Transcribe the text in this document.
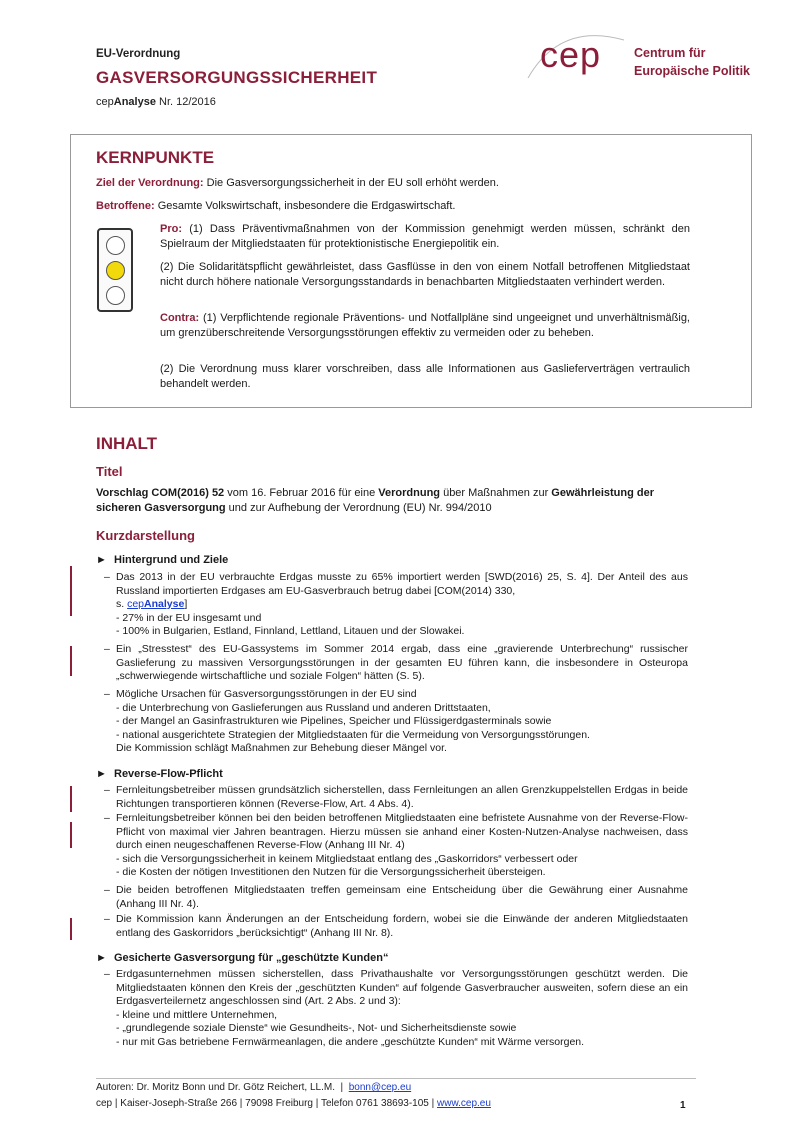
EU-Verordnung
GASVERSORGUNGSSICHERHEIT
cepAnalyse Nr. 12/2016
cep	Centrum für
Europäische Politik
KERNPUNKTE
Ziel der Verordnung: Die Gasversorgungssicherheit in der EU soll erhöht werden.
Betroffene: Gesamte Volkswirtschaft, insbesondere die Erdgaswirtschaft.
Pro: (1) Dass Präventivmaßnahmen von der Kommission genehmigt werden müssen, schränkt den Spielraum der Mitgliedstaaten für protektionistische Energiepolitik ein.
(2) Die Solidaritätspflicht gewährleistet, dass Gasflüsse in den von einem Notfall betroffenen Mitgliedstaat nicht durch höhere nationale Versorgungsstandards in benachbarten Mitgliedstaaten verhindert werden.
Contra: (1) Verpflichtende regionale Präventions- und Notfallpläne sind ungeeignet und unverhältnismäßig, um grenzüberschreitende Versorgungsstörungen effektiv zu vermeiden oder zu beheben.
(2) Die Verordnung muss klarer vorschreiben, dass alle Informationen aus Gaslieferverträgen vertraulich behandelt werden.
INHALT
Titel
Vorschlag COM(2016) 52 vom 16. Februar 2016 für eine Verordnung über Maßnahmen zur Gewährleistung der sicheren Gasversorgung und zur Aufhebung der Verordnung (EU) Nr. 994/2010
Kurzdarstellung
► Hintergrund und Ziele
– Das 2013 in der EU verbrauchte Erdgas musste zu 65% importiert werden [SWD(2016) 25, S. 4]. Der Anteil des aus Russland importierten Erdgases am EU-Gasverbrauch betrug dabei [COM(2014) 330,
s. cepAnalyse]
- 27% in der EU insgesamt und
- 100% in Bulgarien, Estland, Finnland, Lettland, Litauen und der Slowakei.
– Ein „Stresstest“ des EU-Gassystems im Sommer 2014 ergab, dass eine „gravierende Unterbrechung“ russischer Gaslieferung zu massiven Versorgungsstörungen in der gesamten EU führen kann, die insbesondere in Osteuropa „schwerwiegende wirtschaftliche und soziale Folgen“ hätten (S. 5).
– Mögliche Ursachen für Gasversorgungsstörungen in der EU sind
- die Unterbrechung von Gaslieferungen aus Russland und anderen Drittstaaten,
- der Mangel an Gasinfrastrukturen wie Pipelines, Speicher und Flüssigerdgasterminals sowie
- national ausgerichtete Strategien der Mitgliedstaaten für die Vermeidung von Versorgungsstörungen.
Die Kommission schlägt Maßnahmen zur Behebung dieser Mängel vor.
► Reverse-Flow-Pflicht
– Fernleitungsbetreiber müssen grundsätzlich sicherstellen, dass Fernleitungen an allen Grenzkuppelstellen Erdgas in beide Richtungen transportieren können (Reverse-Flow, Art. 4 Abs. 4).
– Fernleitungsbetreiber können bei den beiden betroffenen Mitgliedstaaten eine befristete Ausnahme von der Reverse-Flow-Pflicht von maximal vier Jahren beantragen. Hierzu müssen sie anhand einer Kosten-Nutzen-Analyse nachweisen, dass durch einen neugeschaffenen Reverse-Flow (Anhang III Nr. 4)
- sich die Versorgungssicherheit in keinem Mitgliedstaat entlang des „Gaskorridors“ verbessert oder
- die Kosten der nötigen Investitionen den Nutzen für die Versorgungssicherheit übersteigen.
– Die beiden betroffenen Mitgliedstaaten treffen gemeinsam eine Entscheidung über die Gewährung einer Ausnahme (Anhang III Nr. 4).
– Die Kommission kann Änderungen an der Entscheidung fordern, wobei sie die Einwände der anderen Mitgliedstaaten entlang des Gaskorridors „berücksichtigt“ (Anhang III Nr. 8).
► Gesicherte Gasversorgung für „geschützte Kunden“
– Erdgasunternehmen müssen sicherstellen, dass Privathaushalte vor Versorgungsstörungen geschützt werden. Die Mitgliedstaaten können den Kreis der „geschützten Kunden“ auf folgende Gasverbraucher ausweiten, sofern diese an ein Erdgasverteilernetz angeschlossen sind (Art. 2 Abs. 2 und 3):
- kleine und mittlere Unternehmen,
- „grundlegende soziale Dienste“ wie Gesundheits-, Not- und Sicherheitsdienste sowie
- nur mit Gas betriebene Fernwärmeanlagen, die andere „geschützte Kunden“ mit Wärme versorgen.
Autoren: Dr. Moritz Bonn und Dr. Götz Reichert, LL.M.  |  bonn@cep.eu
cep | Kaiser-Joseph-Straße 266 | 79098 Freiburg | Telefon 0761 38693-105 | www.cep.eu	1
